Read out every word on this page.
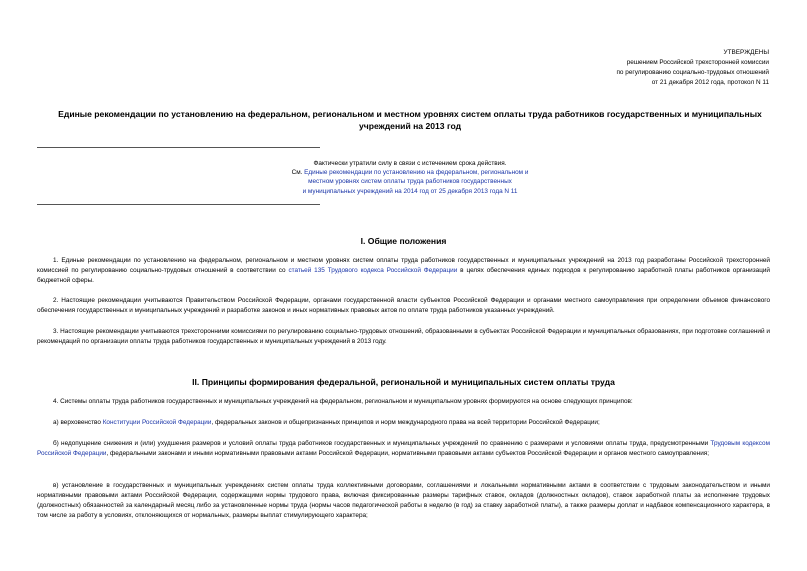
УТВЕРЖДЕНЫ
решением Российской трехсторонней комиссии
по регулированию социально-трудовых отношений
от 21 декабря 2012 года, протокол N 11
Единые рекомендации по установлению на федеральном, региональном и местном уровнях систем оплаты труда работников государственных и муниципальных
учреждений на 2013 год
Фактически утратили силу в связи с истечением срока действия.
См. Единые рекомендации по установлению на федеральном, региональном и
местном уровнях систем оплаты труда работников государственных
и муниципальных учреждений на 2014 год от 25 декабря 2013 года N 11
I. Общие положения
1. Единые рекомендации по установлению на федеральном, региональном и местном уровнях систем оплаты труда работников государственных и муниципальных учреждений на 2013 год разработаны Российской трехсторонней комиссией по регулированию социально-трудовых отношений в соответствии со статьей 135 Трудового кодекса Российской Федерации в целях обеспечения единых подходов к регулированию заработной платы работников организаций бюджетной сферы.
2. Настоящие рекомендации учитываются Правительством Российской Федерации, органами государственной власти субъектов Российской Федерации и органами местного самоуправления при определении объемов финансового обеспечения государственных и муниципальных учреждений и разработке законов и иных нормативных правовых актов по оплате труда работников указанных учреждений.
3. Настоящие рекомендации учитываются трехсторонними комиссиями по регулированию социально-трудовых отношений, образованными в субъектах Российской Федерации и муниципальных образованиях, при подготовке соглашений и рекомендаций по организации оплаты труда работников государственных и муниципальных учреждений в 2013 году.
II. Принципы формирования федеральной, региональной и муниципальных систем оплаты труда
4. Системы оплаты труда работников государственных и муниципальных учреждений на федеральном, региональном и муниципальном уровнях формируются на основе следующих принципов:
а) верховенство Конституции Российской Федерации, федеральных законов и общепризнанных принципов и норм международного права на всей территории Российской Федерации;
б) недопущение снижения и (или) ухудшения размеров и условий оплаты труда работников государственных и муниципальных учреждений по сравнению с размерами и условиями оплаты труда, предусмотренными Трудовым кодексом Российской Федерации, федеральными законами и иными нормативными правовыми актами Российской Федерации, нормативными правовыми актами субъектов Российской Федерации и органов местного самоуправления;
в) установление в государственных и муниципальных учреждениях систем оплаты труда коллективными договорами, соглашениями и локальными нормативными актами в соответствии с трудовым законодательством и иными нормативными правовыми актами Российской Федерации, содержащими нормы трудового права, включая фиксированные размеры тарифных ставок, окладов (должностных окладов), ставок заработной платы за исполнение трудовых (должностных) обязанностей за календарный месяц либо за установленные нормы труда (нормы часов педагогической работы в неделю (в год) за ставку заработной платы), а также размеры доплат и надбавок компенсационного характера, в том числе за работу в условиях, отклоняющихся от нормальных, размеры выплат стимулирующего характера;
